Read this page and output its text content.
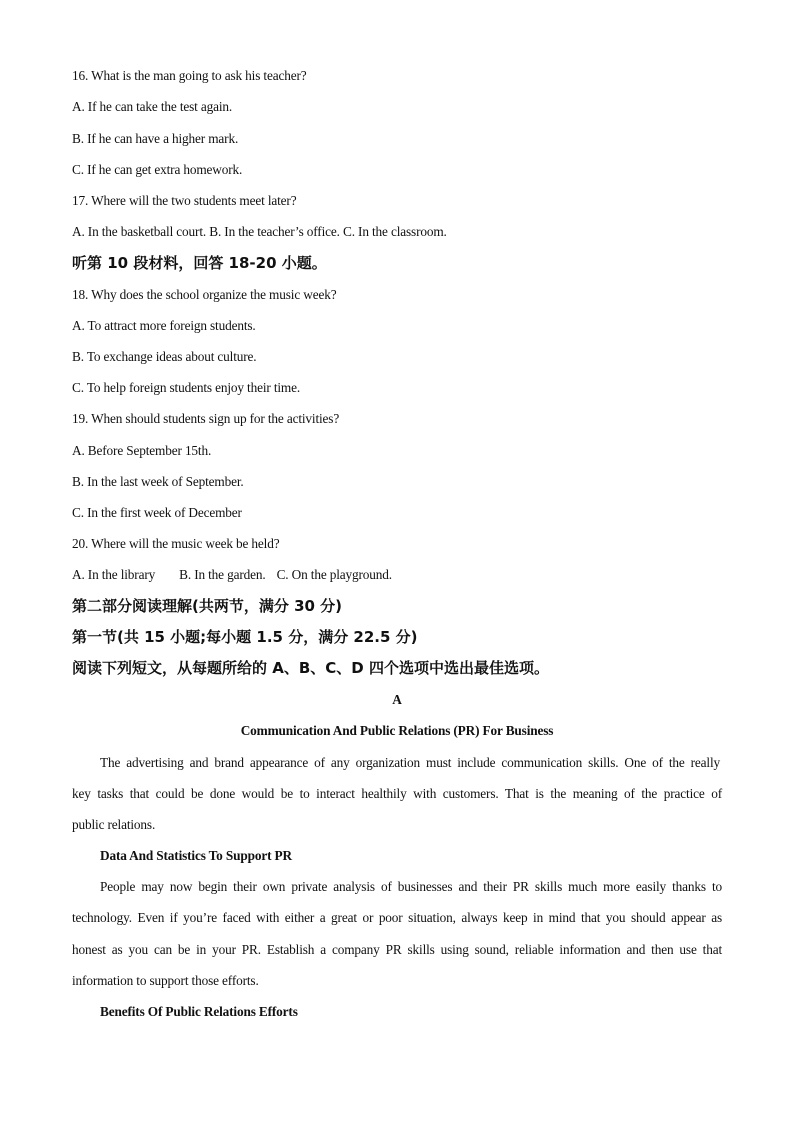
16. What is the man going to ask his teacher?
A. If he can take the test again.
B. If he can have a higher mark.
C. If he can get extra homework.
17. Where will the two students meet later?
A. In the basketball court. B. In the teacher’s office. C. In the classroom.
听第 10 段材料，回答 18-20 小题。
18. Why does the school organize the music week?
A. To attract more foreign students.
B. To exchange ideas about culture.
C. To help foreign students enjoy their time.
19. When should students sign up for the activities?
A. Before September 15th.
B. In the last week of September.
C. In the first week of December
20. Where will the music week be held?
A. In the library B. In the garden. C. On the playground.
第二部分阅读理解(共两节，满分 30 分)
第一节(共 15 小题;每小题 1.5 分，满分 22.5 分)
阅读下列短文，从每题所给的 A、B、C、D 四个选项中选出最佳选项。
A
Communication And Public Relations (PR) For Business
The advertising and brand appearance of any organization must include communication skills. One of the really
key tasks that could be done would be to interact healthily with customers. That is the meaning of the practice of
public relations.
Data And Statistics To Support PR
People may now begin their own private analysis of businesses and their PR skills much more easily thanks to
technology. Even if you’re faced with either a great or poor situation, always keep in mind that you should appear as
honest as you can be in your PR. Establish a company PR skills using sound, reliable information and then use that
information to support those efforts.
Benefits Of Public Relations Efforts
